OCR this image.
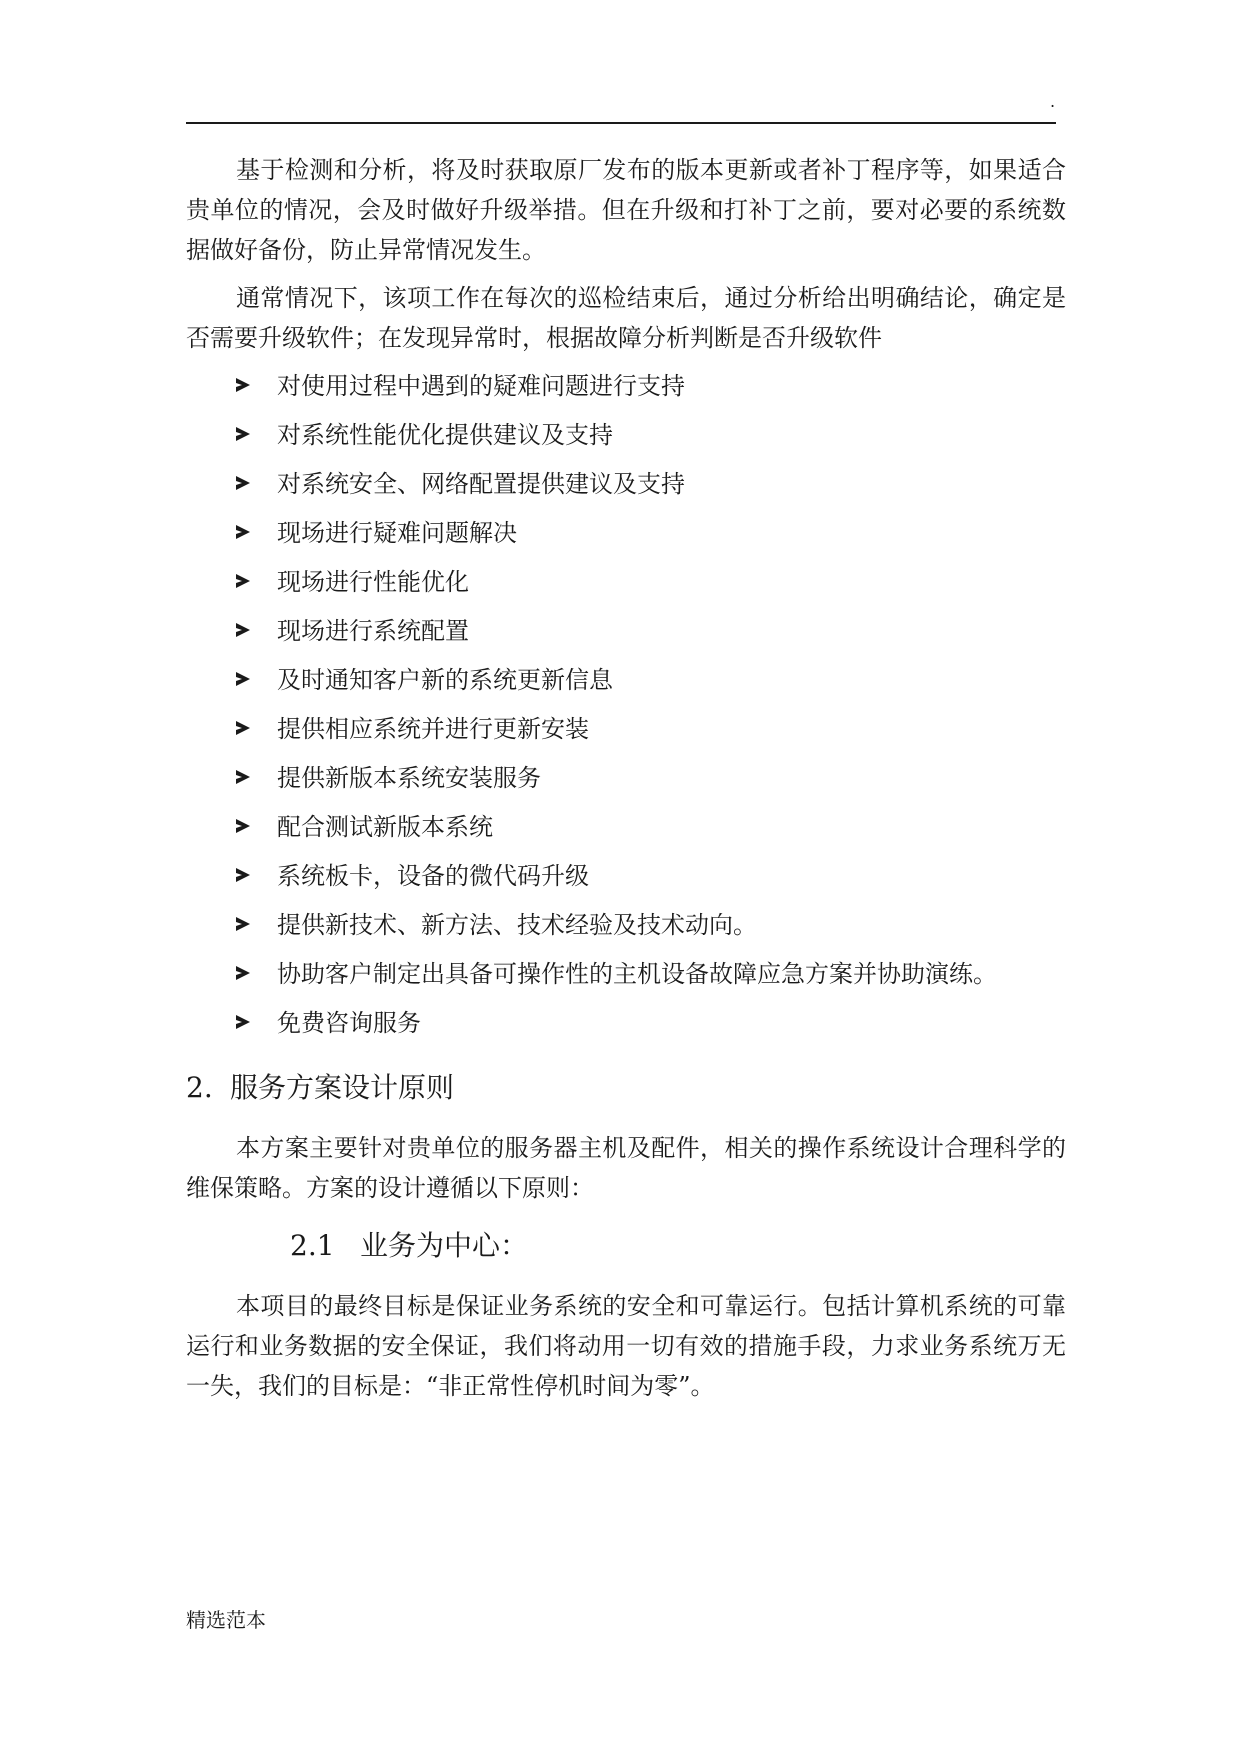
.

基于检测和分析，将及时获取原厂发布的版本更新或者补丁程序等，如果适合贵单位的情况，会及时做好升级举措。但在升级和打补丁之前，要对必要的系统数据做好备份，防止异常情况发生。

通常情况下，该项工作在每次的巡检结束后，通过分析给出明确结论，确定是否需要升级软件；在发现异常时，根据故障分析判断是否升级软件

对使用过程中遇到的疑难问题进行支持
对系统性能优化提供建议及支持
对系统安全、网络配置提供建议及支持
现场进行疑难问题解决
现场进行性能优化
现场进行系统配置
及时通知客户新的系统更新信息
提供相应系统并进行更新安装
提供新版本系统安装服务
配合测试新版本系统
系统板卡，设备的微代码升级
提供新技术、新方法、技术经验及技术动向。
协助客户制定出具备可操作性的主机设备故障应急方案并协助演练。
免费咨询服务
2. 服务方案设计原则

本方案主要针对贵单位的服务器主机及配件，相关的操作系统设计合理科学的维保策略。方案的设计遵循以下原则：

2.1 业务为中心：

本项目的最终目标是保证业务系统的安全和可靠运行。包括计算机系统的可靠运行和业务数据的安全保证，我们将动用一切有效的措施手段，力求业务系统万无一失，我们的目标是：“非正常性停机时间为零”。

精选范本
